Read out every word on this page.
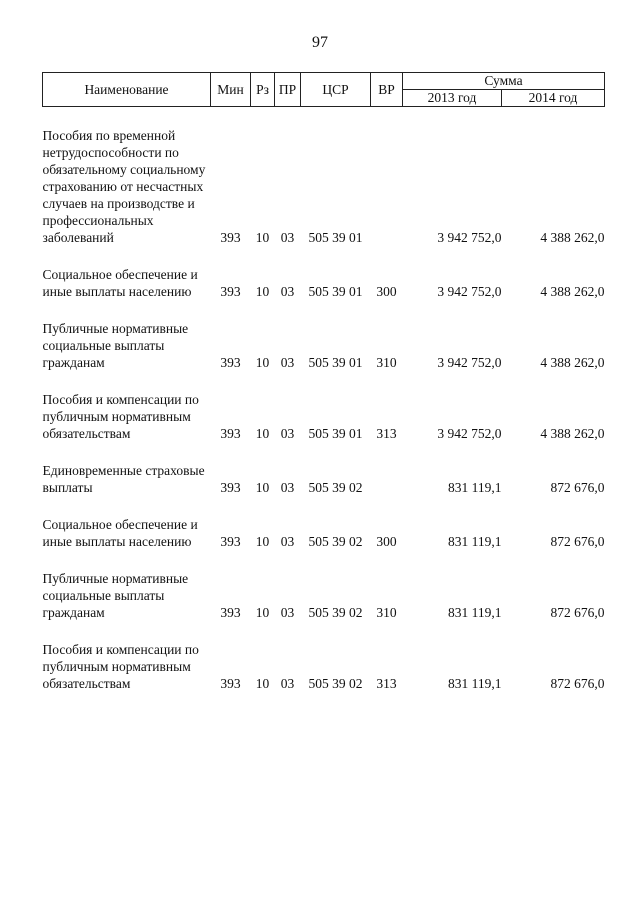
97
Наименование	Мин	Рз	ПР	ЦСР	ВР	Сумма	
						2013 год	2014 год

Пособия по временной нетрудоспособности по обязательному социальному страхованию от несчастных случаев на производстве и профессиональных заболеваний	393	10	03	505 39 01		3 942 752,0	4 388 262,0

Социальное обеспечение и иные выплаты населению	393	10	03	505 39 01	300	3 942 752,0	4 388 262,0

Публичные нормативные социальные выплаты гражданам	393	10	03	505 39 01	310	3 942 752,0	4 388 262,0

Пособия и компенсации по публичным нормативным обязательствам	393	10	03	505 39 01	313	3 942 752,0	4 388 262,0

Единовременные страховые выплаты	393	10	03	505 39 02		831 119,1	872 676,0

Социальное обеспечение и иные выплаты населению	393	10	03	505 39 02	300	831 119,1	872 676,0

Публичные нормативные социальные выплаты гражданам	393	10	03	505 39 02	310	831 119,1	872 676,0

Пособия и компенсации по публичным нормативным обязательствам	393	10	03	505 39 02	313	831 119,1	872 676,0
